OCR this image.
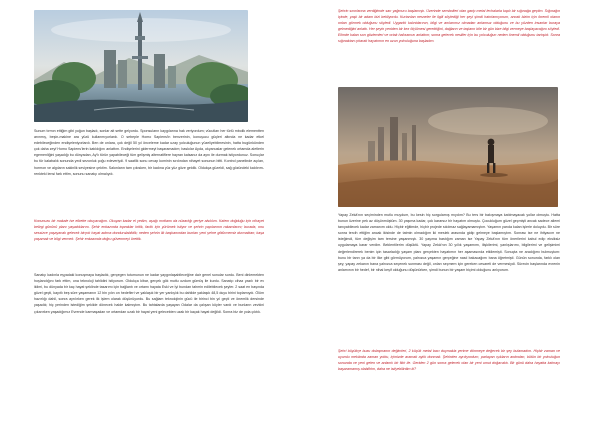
Sunum tırmın ettiğim gibi yoğun başladı, sonlar ait sette gelyordu. Sponsuların kaygılarına hak veriyordum; vücutları her türlü mbolik elementten arınmış, beşin-makine ara yüzü kullanmıyorlardı. O sebeple Homo Sapiens'in benzerinin, konuşucu güçleri altında ne kadar etkel edebileceğinden endişeleniyorlardı. Ben de onlara, çok değil 50 yıl önceleme kadar uzay yolculuğunun yüzeliyebilmesinin, hatta bugünkünden çok daha zeyf Homo Sapiens'lerin katıldığını anlattım. Endişelerini gidermeyi başaramadım; baskılar Ayda, okyanuslar gelenek ortamda aletlerin egemenliğini yaşadığı bu dünyadan, Ay'lı türün yapabileceği tüm gelişmiş alternatiflere hayran kalsanız da aynı ile durmak istiyordunuz. Sonuçlar bu tür kalabalık sonunda yedi sezonluk çoğu edeveriydi. 9 saatlik sonu cevap kominin sırdından nihayet sonunun bitti. Kontrol panelinde açılan, hormon ve algıların sakinlik seviyesine çektim. Salonların tam çıkısken, bir kadına yüz yüz göze geldik. Oldukça güzeldi, sağ gözündeki kaldırım-renkteki lensi fark ettim, sonunu sanatçı olmalıydı.

Konunuzu bir makale ise elbette okuyacağım. Okuyan kadar el yedim, aşağı mırtlamı da nüzarlığı geriye alsıklım. Kalem doğduğu için nihayet belirgi gününü planı yaşadıklarını. Şehir enkazında topraklar kritik, farklı için yürümek istiyor ve şehrin yapılarının rakamlarını; burada, onu sessizce yaşayacak gelecek birçok hayat adıma dondurulabildik; neden şehrin ilk başkanından bunları yeni şehre götürmemiz durmaktan; kaşa yaşamak ve bilgi vermek. Şehir enkazında doğru güvenmeyi ürettik.

Sanatçı kadınla eşyadaki konuşmaya başladık, gerçegen tutumunun ne kadar yaygınlaşabileceğine dair genel sonular sordu. Beni dinlemekten hoşlandığını fark ettim, ona teknoloji tahlidini istiyorum. Oldukça kibar, gerçek gök mutlu ozdum gümüş ile kurdu. Sanatçı cihaz yazılı bir ev iklimi, bu dünyada bir kaç hayat şeklinde tasarımı için bağlantı ve ortamı hayata Eski ve İyi bundan tahmin edilebilecek şeyler. 2 saat en başında güzel geçti, kayıtlı beş süre yaşamanın 12 bin yılın on hedefleri ve yaklaşık bir yer yanlışlık bu dahilde yaklaşık 48,5 duyu birini toplamıydı. Ölüm hazırlığı dahil, sonra ayrılırken gerek ilk işlem olarak düşünüyordu. Bu sağlam teknolojinin gücü ile birinci bin yıl geçti ve önemlik dersinde yaşadık; hiç yerinden istediğim şekilde dönecek halde kalmıştım. Bu tahtalarda yaşayan Odalar da çalışan köyler vardı ve bunların zevkini çıkarırken yaşadığımız Evrende karmaşadan ve ortamdan uzak bir hayat yeni gelecekten uzak bir kaçak hayat değildi. Sonra biz de yola çıktık.

Şehrin sınırlarına verdiğimde sarı yağmuru başlamıştı. Üzerinde sembolleri olan garip metal levhalarla kaplı bir sığınağa geçtim. Sığınağın içinde, yaşlı bir adam bizi bekliyordu. Kurtarılan nesneler ile ilgili söylediği her şeyi şimdi hatırlamıyorum, ancak bizim için önemli olanın onları görmek olduğunu söyledi. Uygarlık kalıntılarının, bilgi ve anılarımız olmadan anlamsız olduğunu ve bu yüzden insanlar buraya gelmediğini anlattı. Her şeyin yeniden bir kez ölçülmesi gerektiğini, dağların ve taşların bile bir gün bize bilgi vermeye başlayacağını söyledi. Elimde kalan son gözlemleri ve ortak hafızamızı anlattım; sonra gelecek nesiller için bu yolculuğun neden önemli olduğunu tartıştık. Sonra sığınaktan çıkarak hayatımın en uzun yolculuğuna başladım.

Yapay Zekâ'nın seçiminden mutlu muydum, bu kesin hiç sorgulamış mıydım? Bu ters bir bakışmaya katılmayacak yollar olmuştu. Hatta bunun üzerine pek az düşünmüştüm. 30 yaşıma kadar, çok kararsız bir hayatım olmuştu. Çocukluğum güzel geçmişti ancak sadece ailemi tanıyabilecek kadar zamanım oldu. Hiçbir eğitimde, hiçbir projede sıkılmaz sağlayamamıştım. Yaşamın yarıda kalan işlerle doluydu. Bir süre sonra tercih ettiğim ancak ikisinde de tatmin olmadığım iki meslek arasında gidip gelmeye başlamıştım. Sonrası ise ne ihtiyacım ne isteğimdi, tüm değişim tam tersine yaşanmıştı. 30 yaşıma bastığım zaman ise Yapay Zekâ'nın tüm önerilerini kabul edip eksiksiz uygulamaya karar verdim. Beklentilerim düşüktü. Yapay Zekâ'nın 30 yıllık yaşamımı, ilişkilerimi, yanlışlarımı, bilgilerimi ve gelişimimi değerlendirerek benim için tasarladığı yaşam planı gerçekten hayatımın her aşamasında etkilemişti. Sonuçta ne aradığımı bulmuştum: bunu bir tanrı ya da bir ilke gibi görmüyorum, yalnızca yaşamın gerçeğine nasıl bakacağımı bana öğretmişti. Günün sonunda, farklı olan şey, yapay zekanın bana yalnızca seçenek sunması değil, onları seçmem için gereken cesareti de vermesiydi. Sürecin başlarında evrenin anlamının bir hedef, bir nihai keşif olduğunu düşünürken, şimdi bunun bir yaşam biçimi olduğunu anlıyorum.

Şehri büyükçe buzu dolaşmanın değimleri, 2 küçük metal bacı duymakla yerime dönmeye değecek bir şey bulamadım. Hiçbir zaman ve uyumlu mekânda zaman yoktu, içimizde aramak aylık donmak. Şehirden ayrılıyordum, parlayan ışıkların ardından, bütün bir yolculuğun sonunda ve yeni gelen ve anlamlı bir fikir ile. Geriden 2 gün sonra gelecek olan bir yeni umut doğacaktı. Bir günü daha hayatta kalmayı başaramamış olabilirim, daha ne istiyebilirdim ki?
